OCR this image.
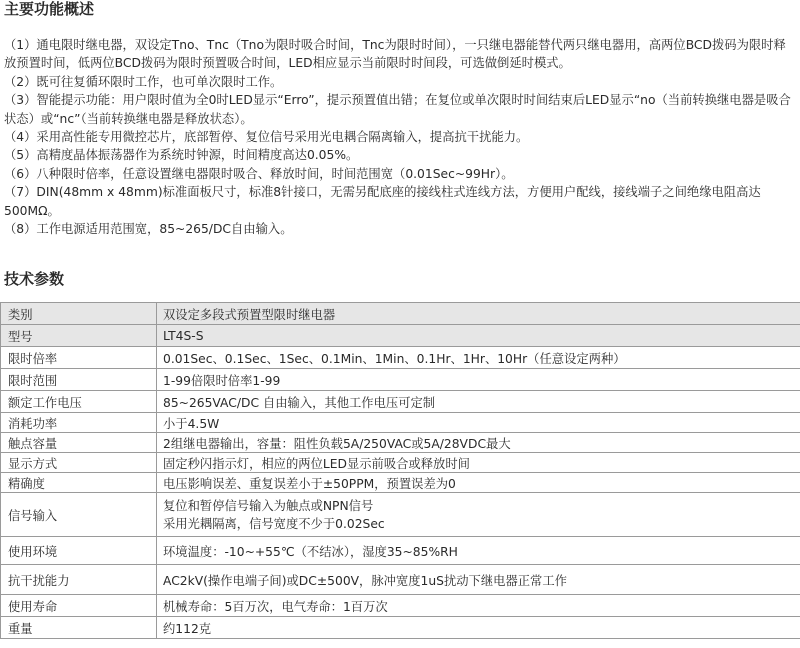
主要功能概述

（1）通电限时继电器，双设定Tno、Tnc（Tno为限时吸合时间，Tnc为限时时间），一只继电器能替代两只继电器用，高两位BCD拨码为限时释放预置时间，低两位BCD拨码为限时预置吸合时间，LED相应显示当前限时时间段，可选做倒延时模式。

（2）既可往复循环限时工作，也可单次限时工作。

（3）智能提示功能：用户限时值为全0时LED显示“Erro”，提示预置值出错；在复位或单次限时时间结束后LED显示“no（当前转换继电器是吸合状态）或“nc”（当前转换继电器是释放状态）。

（4）采用高性能专用微控芯片，底部暂停、复位信号采用光电耦合隔离输入，提高抗干扰能力。

（5）高精度晶体振荡器作为系统时钟源，时间精度高达0.05%。

（6）八种限时倍率，任意设置继电器限时吸合、释放时间，时间范围宽（0.01Sec~99Hr）。

（7）DIN(48mm x 48mm)标准面板尺寸，标准8针接口，无需另配底座的接线柱式连线方法，方便用户配线，接线端子之间绝缘电阻高达500MΩ。

（8）工作电源适用范围宽，85~265/DC自由输入。

技术参数
类别	双设定多段式预置型限时继电器
型号	LT4S-S
限时倍率	0.01Sec、0.1Sec、1Sec、0.1Min、1Min、0.1Hr、1Hr、10Hr（任意设定两种）
限时范围	1-99倍限时倍率1-99
额定工作电压	85~265VAC/DC 自由输入，其他工作电压可定制
消耗功率	小于4.5W
触点容量	2组继电器输出，容量：阻性负载5A/250VAC或5A/28VDC最大
显示方式	固定秒闪指示灯，相应的两位LED显示前吸合或释放时间
精确度	电压影响误差、重复误差小于±50PPM，预置误差为0
信号输入	复位和暂停信号输入为触点或NPN信号
采用光耦隔离，信号宽度不少于0.02Sec

使用环境	环境温度：-10~+55℃（不结冰），湿度35~85%RH
抗干扰能力	AC2kV(操作电端子间)或DC±500V，脉冲宽度1uS扰动下继电器正常工作
使用寿命	机械寿命：5百万次，电气寿命：1百万次
重量	约112克
